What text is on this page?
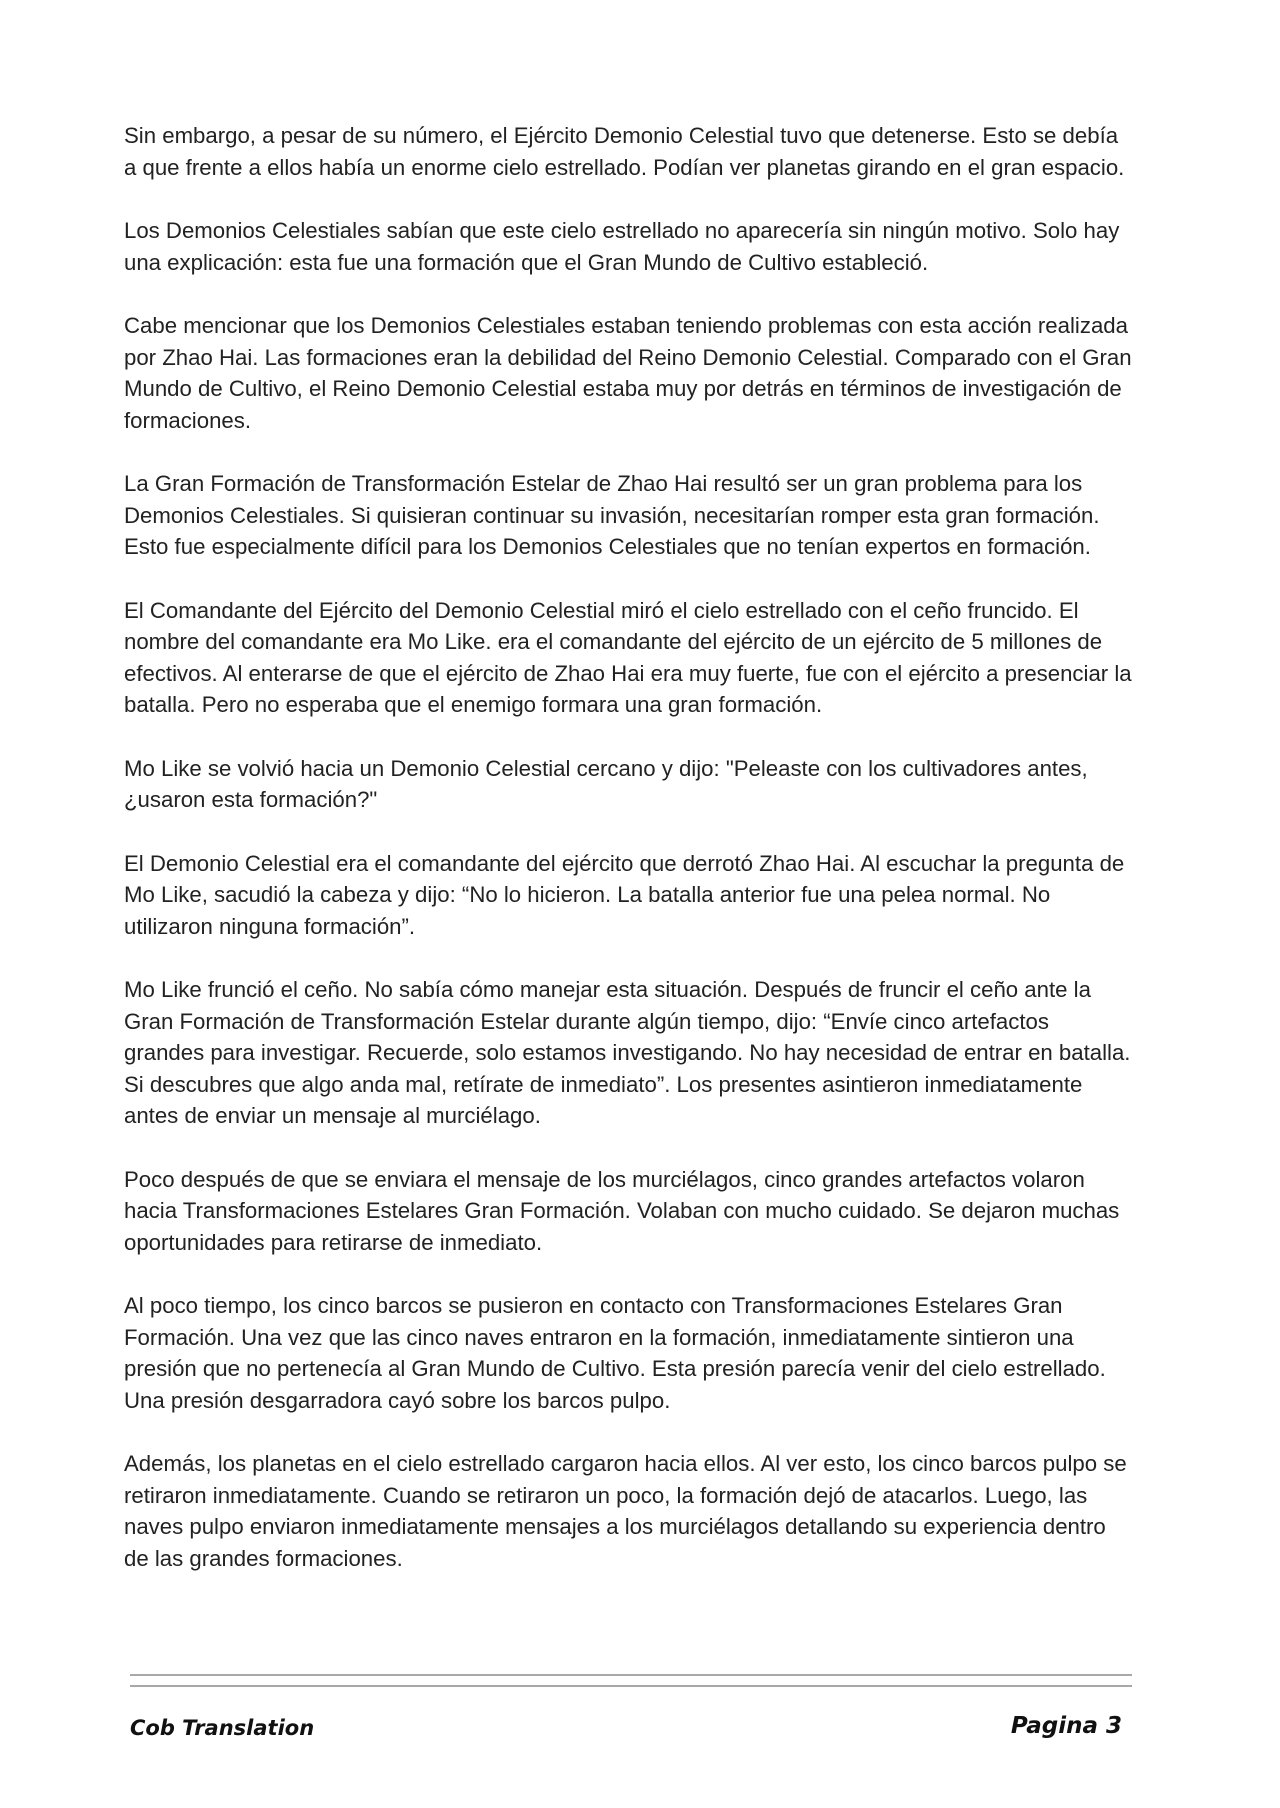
Sin embargo, a pesar de su número, el Ejército Demonio Celestial tuvo que detenerse. Esto se debía a que frente a ellos había un enorme cielo estrellado. Podían ver planetas girando en el gran espacio.

Los Demonios Celestiales sabían que este cielo estrellado no aparecería sin ningún motivo. Solo hay una explicación: esta fue una formación que el Gran Mundo de Cultivo estableció.

Cabe mencionar que los Demonios Celestiales estaban teniendo problemas con esta acción realizada por Zhao Hai. Las formaciones eran la debilidad del Reino Demonio Celestial. Comparado con el Gran Mundo de Cultivo, el Reino Demonio Celestial estaba muy por detrás en términos de investigación de formaciones.

La Gran Formación de Transformación Estelar de Zhao Hai resultó ser un gran problema para los Demonios Celestiales. Si quisieran continuar su invasión, necesitarían romper esta gran formación. Esto fue especialmente difícil para los Demonios Celestiales que no tenían expertos en formación.

El Comandante del Ejército del Demonio Celestial miró el cielo estrellado con el ceño fruncido. El nombre del comandante era Mo Like. era el comandante del ejército de un ejército de 5 millones de efectivos. Al enterarse de que el ejército de Zhao Hai era muy fuerte, fue con el ejército a presenciar la batalla. Pero no esperaba que el enemigo formara una gran formación.

Mo Like se volvió hacia un Demonio Celestial cercano y dijo: "Peleaste con los cultivadores antes, ¿usaron esta formación?"

El Demonio Celestial era el comandante del ejército que derrotó Zhao Hai. Al escuchar la pregunta de Mo Like, sacudió la cabeza y dijo: “No lo hicieron. La batalla anterior fue una pelea normal. No utilizaron ninguna formación”.

Mo Like frunció el ceño. No sabía cómo manejar esta situación. Después de fruncir el ceño ante la Gran Formación de Transformación Estelar durante algún tiempo, dijo: “Envíe cinco artefactos grandes para investigar. Recuerde, solo estamos investigando. No hay necesidad de entrar en batalla. Si descubres que algo anda mal, retírate de inmediato”. Los presentes asintieron inmediatamente antes de enviar un mensaje al murciélago.

Poco después de que se enviara el mensaje de los murciélagos, cinco grandes artefactos volaron hacia Transformaciones Estelares Gran Formación. Volaban con mucho cuidado. Se dejaron muchas oportunidades para retirarse de inmediato.

Al poco tiempo, los cinco barcos se pusieron en contacto con Transformaciones Estelares Gran Formación. Una vez que las cinco naves entraron en la formación, inmediatamente sintieron una presión que no pertenecía al Gran Mundo de Cultivo. Esta presión parecía venir del cielo estrellado. Una presión desgarradora cayó sobre los barcos pulpo.

Además, los planetas en el cielo estrellado cargaron hacia ellos. Al ver esto, los cinco barcos pulpo se retiraron inmediatamente. Cuando se retiraron un poco, la formación dejó de atacarlos. Luego, las naves pulpo enviaron inmediatamente mensajes a los murciélagos detallando su experiencia dentro de las grandes formaciones.

Cob Translation	Pagina 3
